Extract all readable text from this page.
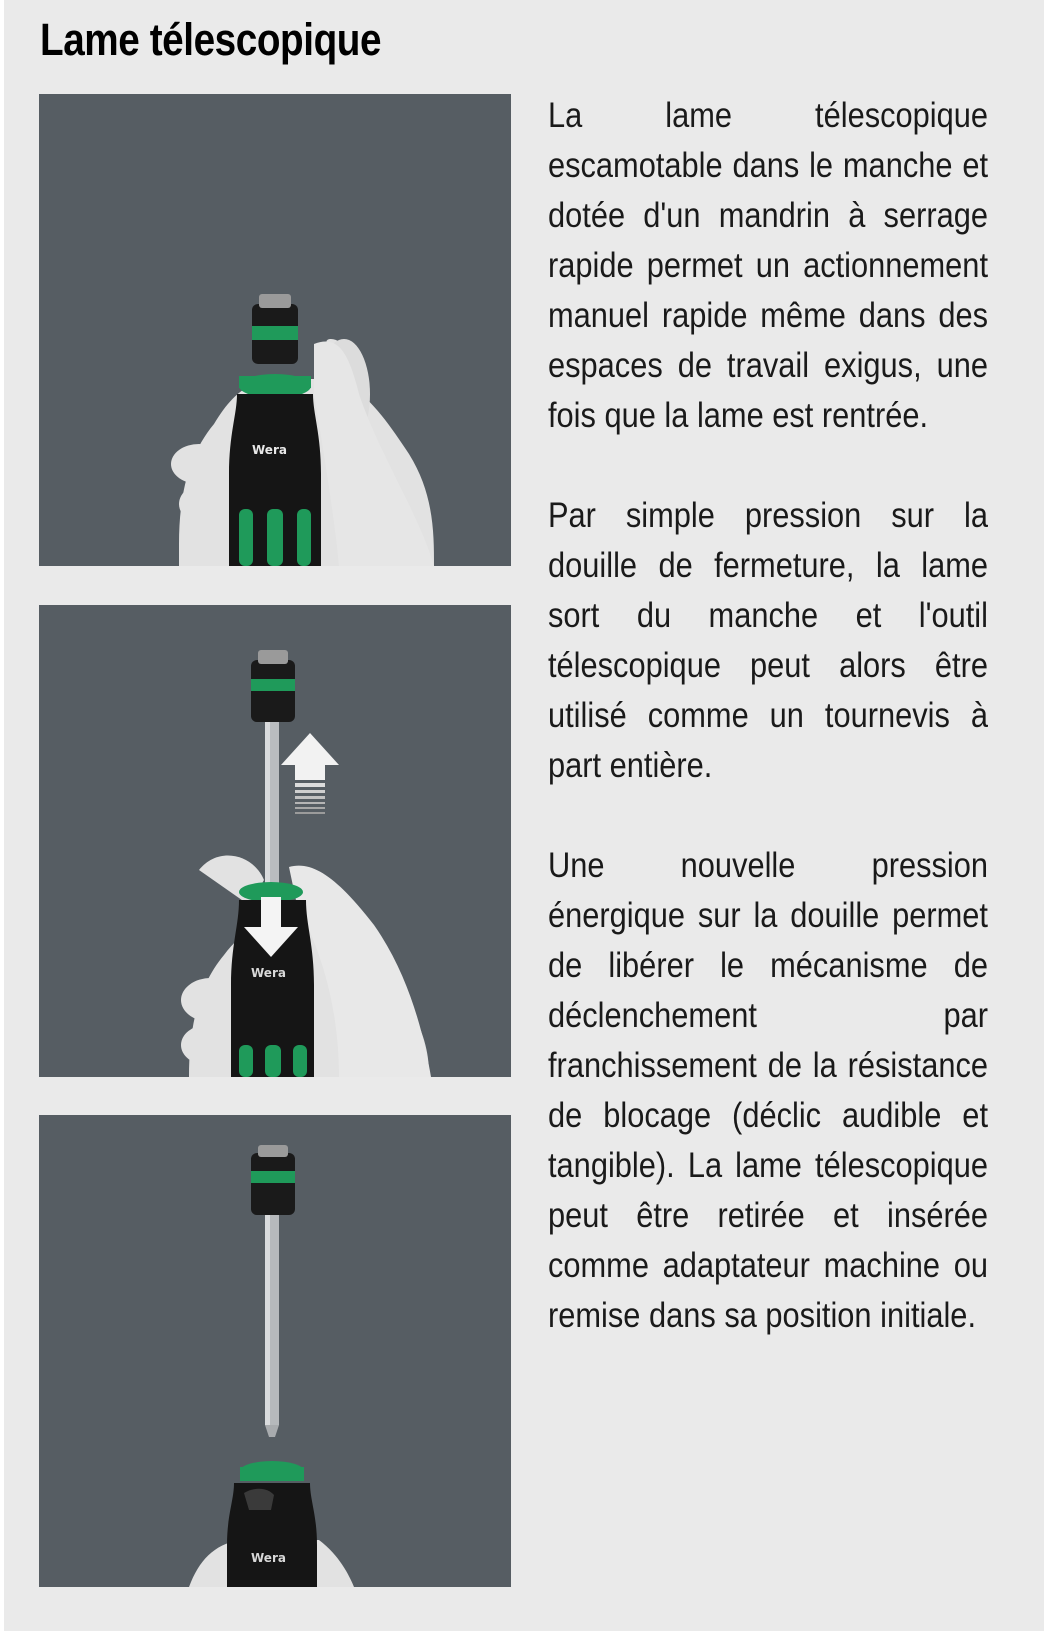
Lame télescopique
Wera
Wera
Wera

La lame télescopique escamotable dans le manche et dotée d'un mandrin à serrage rapide permet un actionnement manuel rapide même dans des espaces de travail exigus, une fois que la lame est rentrée.

Par simple pression sur la douille de fermeture, la lame sort du manche et l'outil télescopique peut alors être utilisé comme un tournevis à part entière.

Une nouvelle pression énergique sur la douille permet de libérer le mécanisme de déclenchement par franchissement de la résistance de blocage (déclic audible et tangible). La lame télescopique peut être retirée et insérée comme adaptateur machine ou remise dans sa position initiale.
